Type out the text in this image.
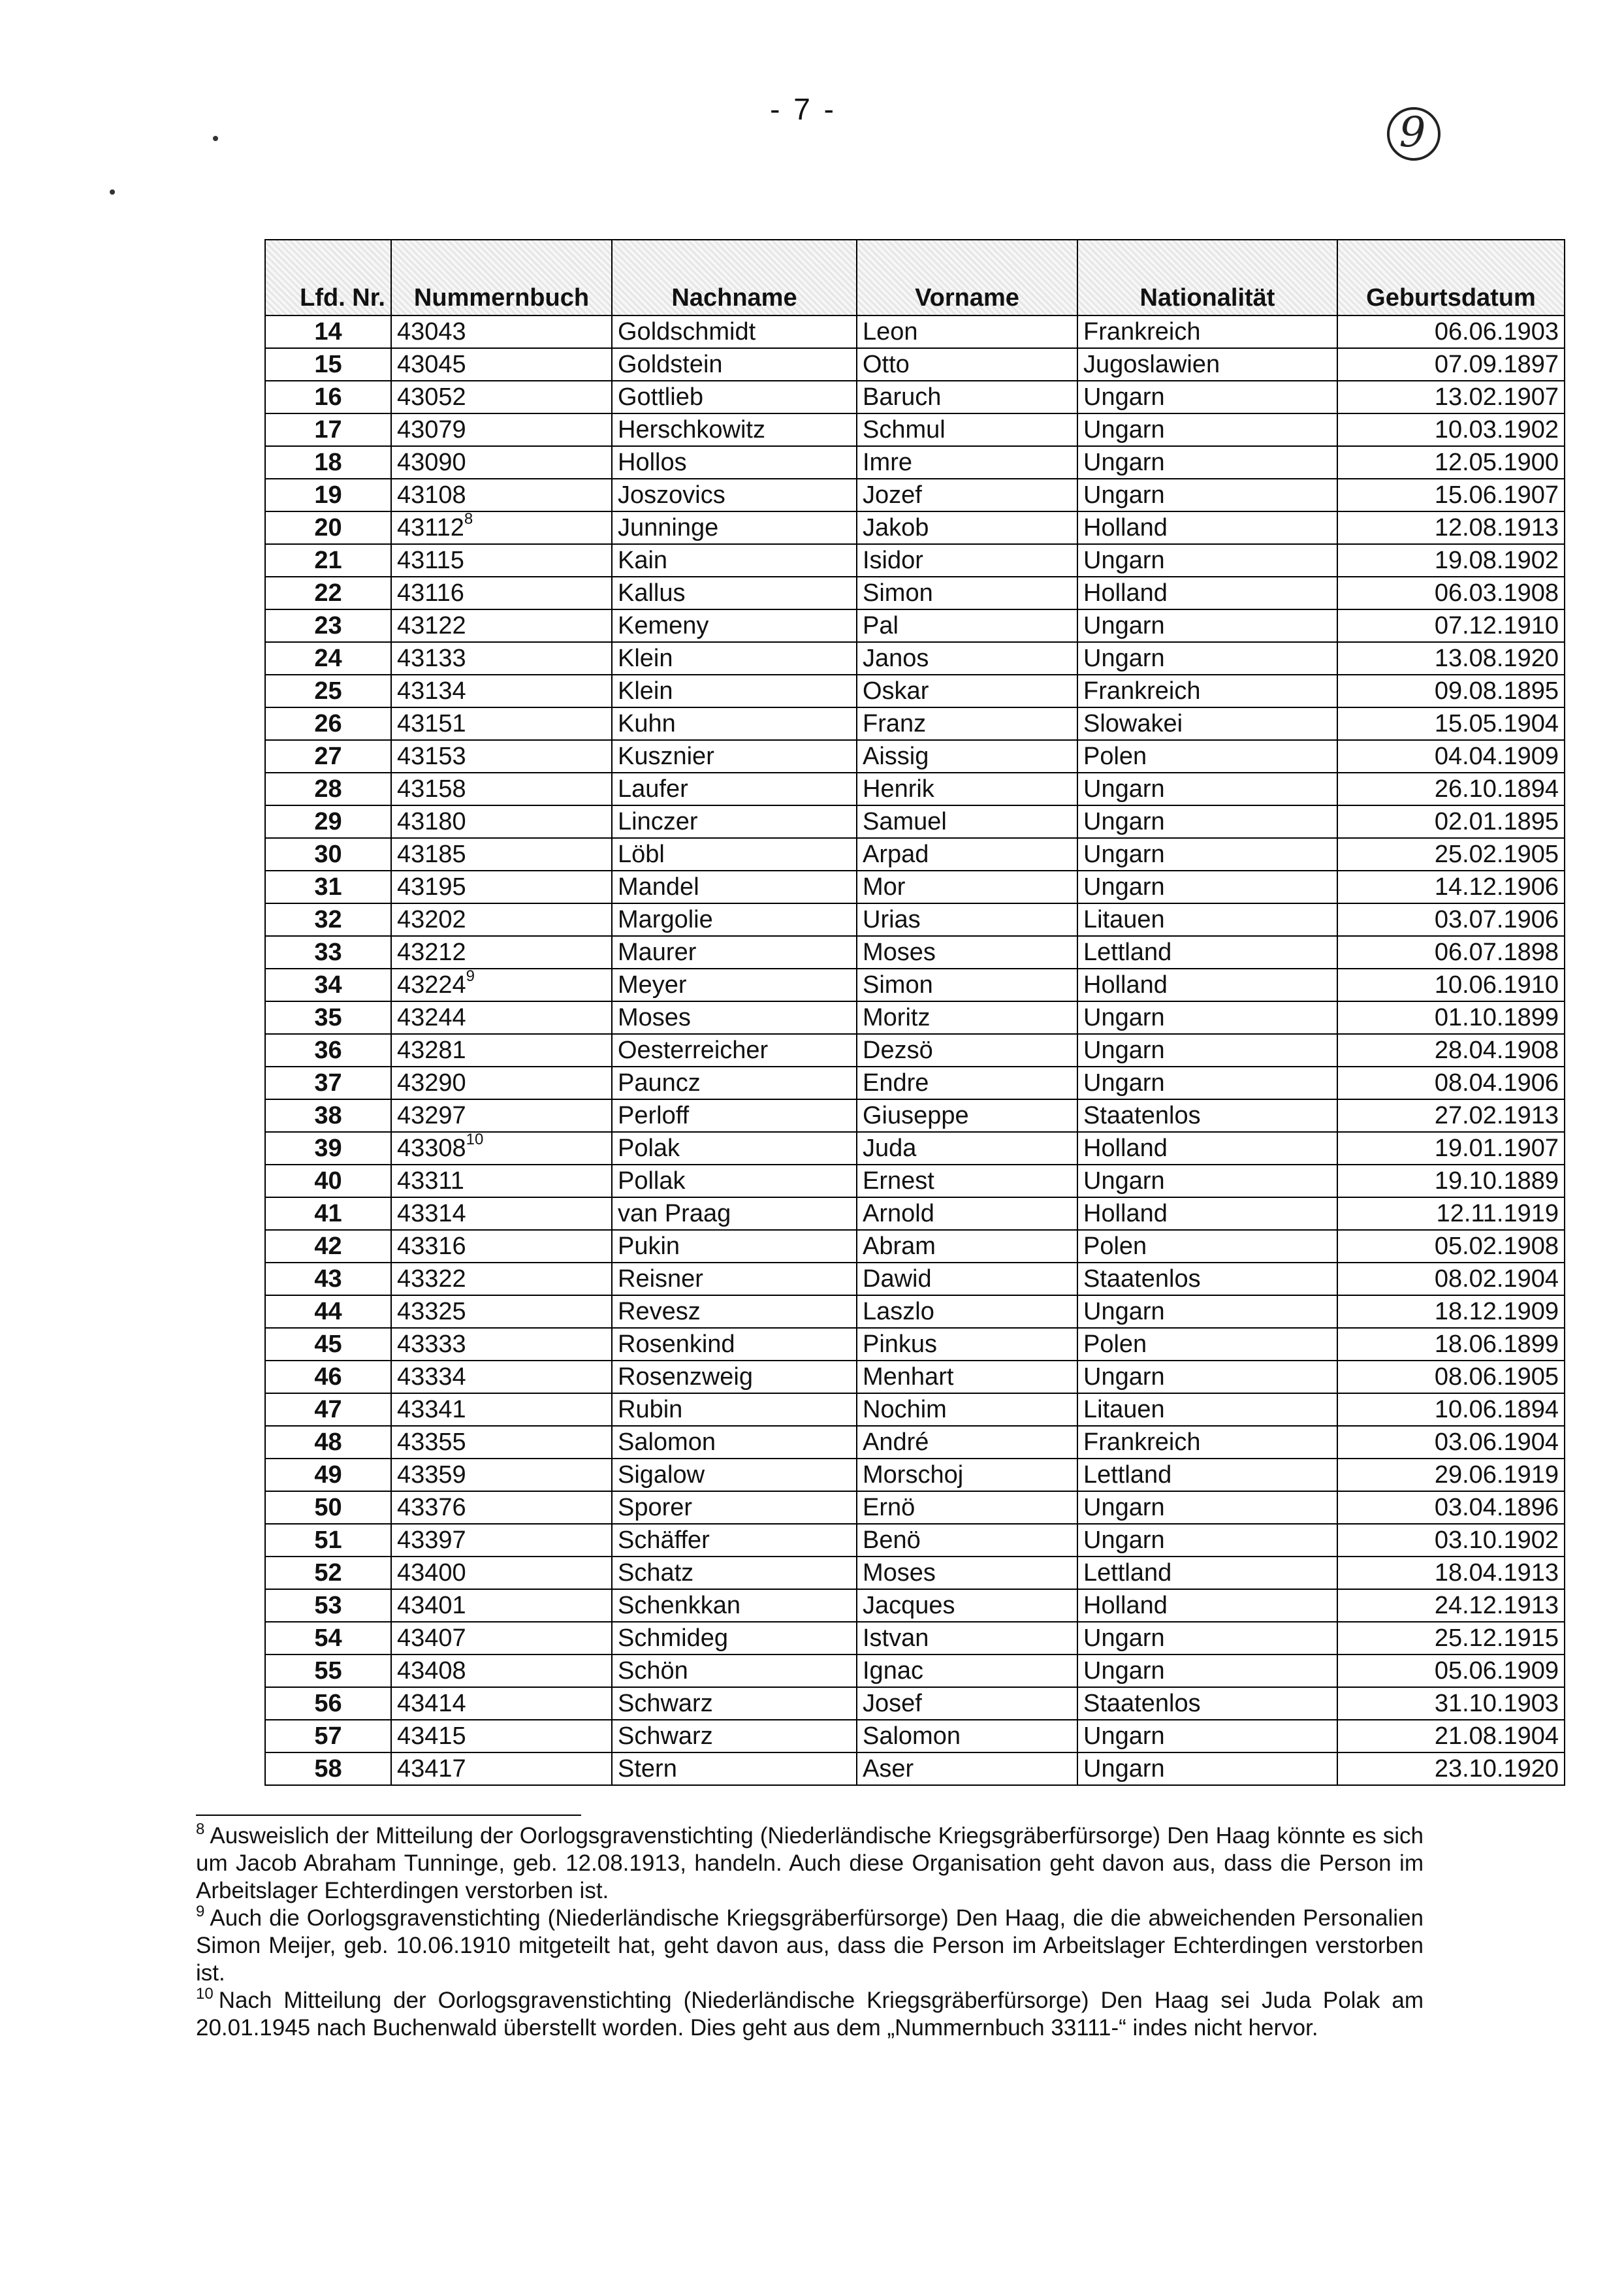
- 7 -	9
Lfd. Nr.	Nummernbuch	Nachname	Vorname	Nationalität	Geburtsdatum
14	43043	Goldschmidt	Leon	Frankreich	06.06.1903
15	43045	Goldstein	Otto	Jugoslawien	07.09.1897
16	43052	Gottlieb	Baruch	Ungarn	13.02.1907
17	43079	Herschkowitz	Schmul	Ungarn	10.03.1902
18	43090	Hollos	Imre	Ungarn	12.05.1900
19	43108	Joszovics	Jozef	Ungarn	15.06.1907
20	43112$^8$	Junninge	Jakob	Holland	12.08.1913
21	43115	Kain	Isidor	Ungarn	19.08.1902
22	43116	Kallus	Simon	Holland	06.03.1908
23	43122	Kemeny	Pal	Ungarn	07.12.1910
24	43133	Klein	Janos	Ungarn	13.08.1920
25	43134	Klein	Oskar	Frankreich	09.08.1895
26	43151	Kuhn	Franz	Slowakei	15.05.1904
27	43153	Kusznier	Aissig	Polen	04.04.1909
28	43158	Laufer	Henrik	Ungarn	26.10.1894
29	43180	Linczer	Samuel	Ungarn	02.01.1895
30	43185	Löbl	Arpad	Ungarn	25.02.1905
31	43195	Mandel	Mor	Ungarn	14.12.1906
32	43202	Margolie	Urias	Litauen	03.07.1906
33	43212	Maurer	Moses	Lettland	06.07.1898
34	43224$^9$	Meyer	Simon	Holland	10.06.1910
35	43244	Moses	Moritz	Ungarn	01.10.1899
36	43281	Oesterreicher	Dezsö	Ungarn	28.04.1908
37	43290	Pauncz	Endre	Ungarn	08.04.1906
38	43297	Perloff	Giuseppe	Staatenlos	27.02.1913
39	43308$^{10}$	Polak	Juda	Holland	19.01.1907
40	43311	Pollak	Ernest	Ungarn	19.10.1889
41	43314	van Praag	Arnold	Holland	12.11.1919
42	43316	Pukin	Abram	Polen	05.02.1908
43	43322	Reisner	Dawid	Staatenlos	08.02.1904
44	43325	Revesz	Laszlo	Ungarn	18.12.1909
45	43333	Rosenkind	Pinkus	Polen	18.06.1899
46	43334	Rosenzweig	Menhart	Ungarn	08.06.1905
47	43341	Rubin	Nochim	Litauen	10.06.1894
48	43355	Salomon	André	Frankreich	03.06.1904
49	43359	Sigalow	Morschoj	Lettland	29.06.1919
50	43376	Sporer	Ernö	Ungarn	03.04.1896
51	43397	Schäffer	Benö	Ungarn	03.10.1902
52	43400	Schatz	Moses	Lettland	18.04.1913
53	43401	Schenkkan	Jacques	Holland	24.12.1913
54	43407	Schmideg	Istvan	Ungarn	25.12.1915
55	43408	Schön	Ignac	Ungarn	05.06.1909
56	43414	Schwarz	Josef	Staatenlos	31.10.1903
57	43415	Schwarz	Salomon	Ungarn	21.08.1904
58	43417	Stern	Aser	Ungarn	23.10.1920

$^8$ Ausweislich der Mitteilung der Oorlogsgravenstichting (Niederländische Kriegsgräberfürsorge) Den Haag könnte es sich um Jacob Abraham Tunninge, geb. 12.08.1913, handeln. Auch diese Organisation geht davon aus, dass die Person im Arbeitslager Echterdingen verstorben ist.

$^9$ Auch die Oorlogsgravenstichting (Niederländische Kriegsgräberfürsorge) Den Haag, die die abweichenden Personalien Simon Meijer, geb. 10.06.1910 mitgeteilt hat, geht davon aus, dass die Person im Arbeitslager Echterdingen verstorben ist.

$^{10}$ Nach Mitteilung der Oorlogsgravenstichting (Niederländische Kriegsgräberfürsorge) Den Haag sei Juda Polak am 20.01.1945 nach Buchenwald überstellt worden. Dies geht aus dem „Nummernbuch 33111-“ indes nicht hervor.
